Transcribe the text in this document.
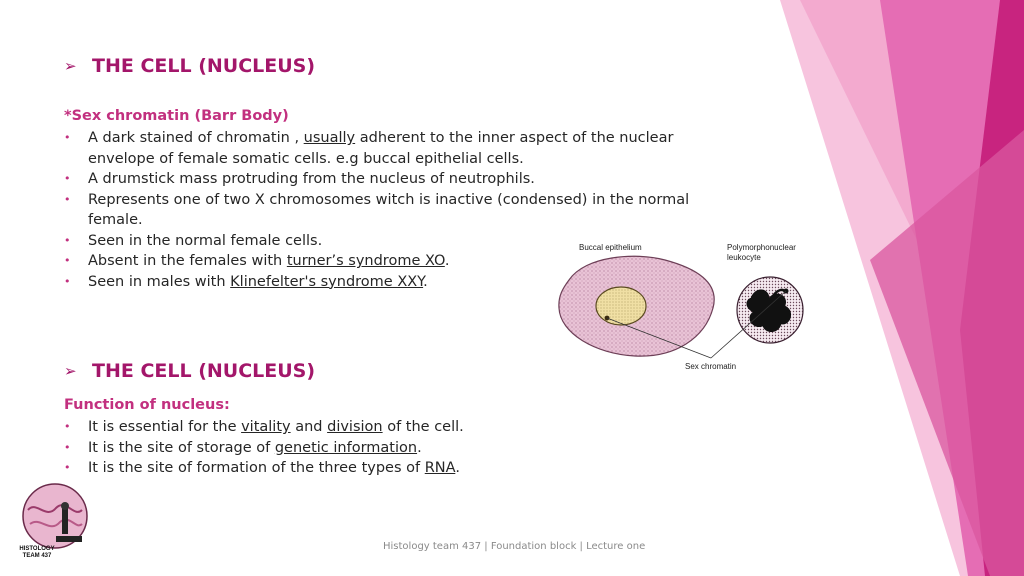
➢ THE CELL (NUCLEUS)
*Sex chromatin (Barr Body)
• A dark stained of chromatin , usually adherent to the inner aspect of the nuclear envelope of female somatic cells. e.g buccal epithelial cells.
• A drumstick mass protruding from the nucleus of neutrophils.
• Represents one of two X chromosomes witch is inactive (condensed) in the normal female.
• Seen in the normal female cells.
• Absent in the females with turner’s syndrome XO.
• Seen in males with Klinefelter's syndrome XXY.
Buccal epithelium	Polymorphonuclear
leukocyte
Sex chromatin
➢ THE CELL (NUCLEUS)
Function of nucleus:
• It is essential for the vitality and division of the cell.
• It is the site of storage of genetic information.
• It is the site of formation of the three types of RNA.
HISTOLOGY
TEAM 437
Histology team 437 | Foundation block | Lecture one
